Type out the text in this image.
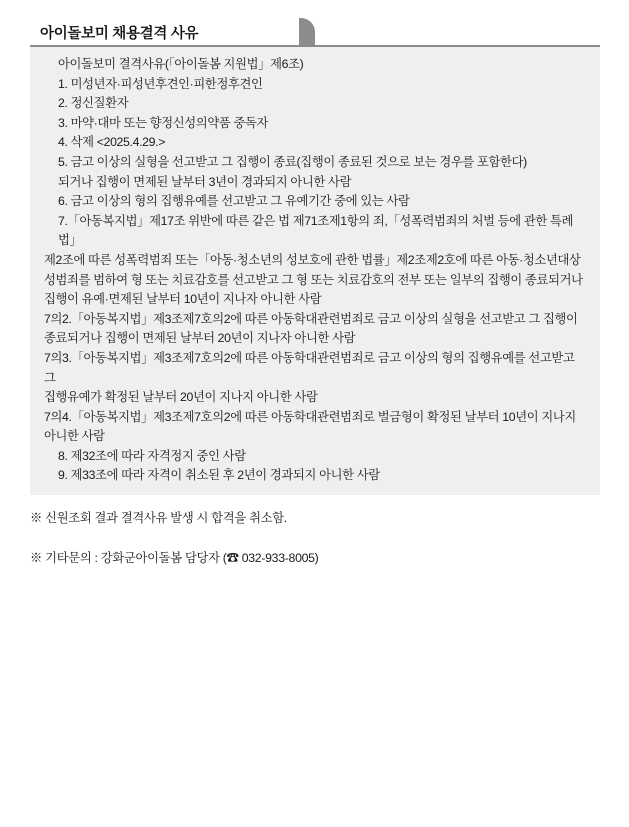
아이돌보미 채용결격 사유
아이돌보미 결격사유(「아이돌봄 지원법」제6조)
1. 미성년자·피성년후견인·피한정후견인
2. 정신질환자
3. 마약·대마 또는 향정신성의약품 중독자
4. 삭제 <2025.4.29.>
5. 금고 이상의 실형을 선고받고 그 집행이 종료(집행이 종료된 것으로 보는 경우를 포함한다)
되거나 집행이 면제된 날부터 3년이 경과되지 아니한 사람
6. 금고 이상의 형의 집행유예를 선고받고 그 유예기간 중에 있는 사람
7.「아동복지법」제17조 위반에 따른 같은 법 제71조제1항의 죄,「성폭력범죄의 처벌 등에 관한 특례법」
제2조에 따른 성폭력범죄 또는「아동·청소년의 성보호에 관한 법률」제2조제2호에 따른 아동·청소년대상
성범죄를 범하여 형 또는 치료감호를 선고받고 그 형 또는 치료감호의 전부 또는 일부의 집행이 종료되거나
집행이 유예·면제된 날부터 10년이 지나자 아니한 사람
7의2.「아동복지법」제3조제7호의2에 따른 아동학대관련범죄로 금고 이상의 실형을 선고받고 그 집행이
종료되거나 집행이 면제된 날부터 20년이 지나자 아니한 사람
7의3.「아동복지법」제3조제7호의2에 따른 아동학대관련범죄로 금고 이상의 형의 집행유예를 선고받고 그
집행유예가 확정된 날부터 20년이 지나지 아니한 사람
7의4.「아동복지법」제3조제7호의2에 따른 아동학대관련범죄로 벌금형이 확정된 날부터 10년이 지나지
아니한 사람
8. 제32조에 따라 자격정지 중인 사람
9. 제33조에 따라 자격이 취소된 후 2년이 경과되지 아니한 사람
※ 신원조회 결과 결격사유 발생 시 합격을 취소함.
※ 기타문의 : 강화군아이돌봄 담당자 (☎ 032-933-8005)
